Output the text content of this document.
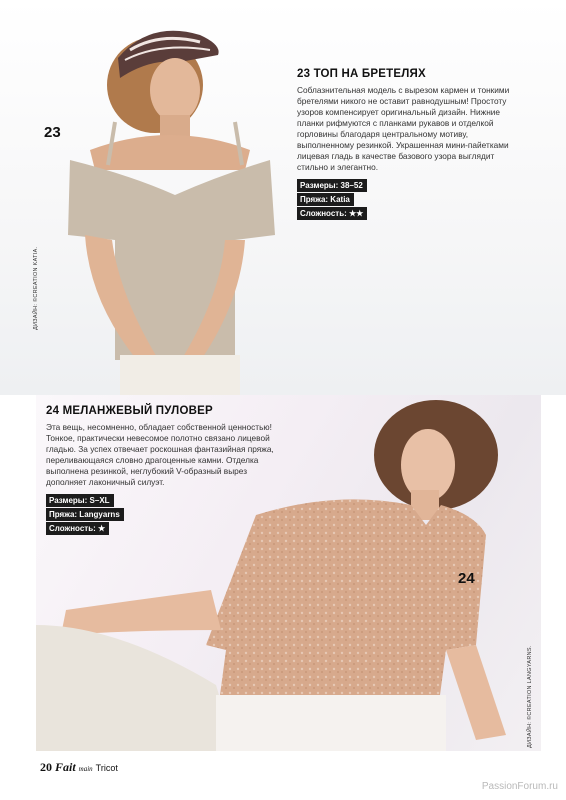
23
ДИЗАЙН: ©CREATION KATIA.
23 ТОП НА БРЕТЕЛЯХ
Соблазнительная модель с вырезом кармен и тонкими бретелями никого не оставит равнодушным! Простоту узоров компенсирует оригинальный дизайн. Нижние планки рифмуются с планками рукавов и отделкой горловины благодаря центральному мотиву, выполненному резинкой. Украшенная мини-пайетками лицевая гладь в качестве базового узора выглядит стильно и элегантно.
Размеры: 38–52
Пряжа: Katia
Сложность: ★★
24
ДИЗАЙН: ©CREATION LANGYARNS.
24 МЕЛАНЖЕВЫЙ ПУЛОВЕР
Эта вещь, несомненно, обладает собственной ценностью! Тонкое, практически невесомое полотно связано лицевой гладью. За успех отвечает роскошная фантазийная пряжа, переливающаяся словно драгоценные камни. Отделка выполнена резинкой, неглубокий V-образный вырез дополняет лаконичный силуэт.
Размеры: S–XL
Пряжа: Langyarns
Сложность: ★
20 Fait main Tricot
PassionForum.ru
